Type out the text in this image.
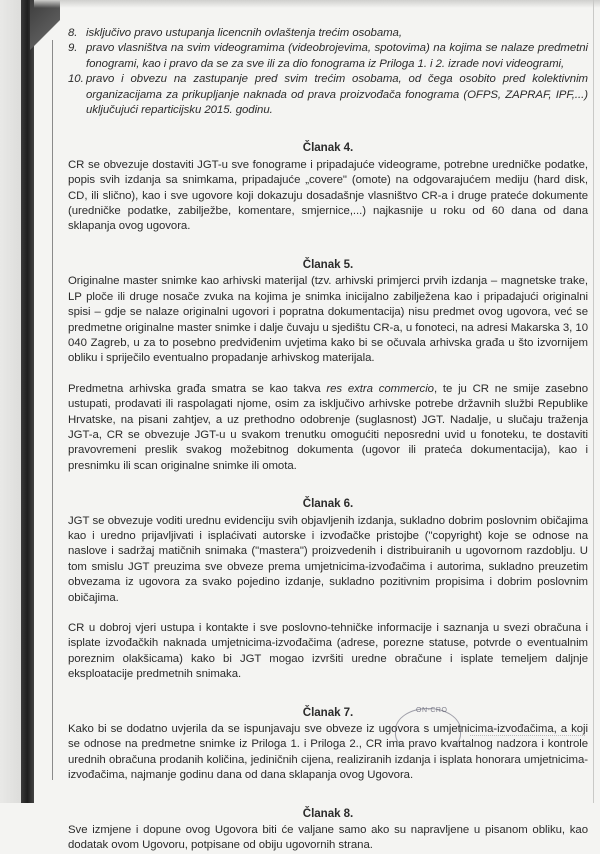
8. isključivo pravo ustupanja licencnih ovlaštenja trećim osobama,
9. pravo vlasništva na svim videogramima (videobrojevima, spotovima) na kojima se nalaze predmetni fonogrami, kao i pravo da se za sve ili za dio fonograma iz Priloga 1. i 2. izrade novi videogrami,
10. pravo i obvezu na zastupanje pred svim trećim osobama, od čega osobito pred kolektivnim organizacijama za prikupljanje naknada od prava proizvođača fonograma (OFPS, ZAPRAF, IPF,...) uključujući reparticijsku 2015. godinu.
Članak 4.

CR se obvezuje dostaviti JGT-u sve fonograme i pripadajuće videograme, potrebne uredničke podatke, popis svih izdanja sa snimkama, pripadajuće „covere" (omote) na odgovarajućem mediju (hard disk, CD, ili slično), kao i sve ugovore koji dokazuju dosadašnje vlasništvo CR-a i druge prateće dokumente (uredničke podatke, zabilježbe, komentare, smjernice,...) najkasnije u roku od 60 dana od dana sklapanja ovog ugovora.

Članak 5.

Originalne master snimke kao arhivski materijal (tzv. arhivski primjerci prvih izdanja – magnetske trake, LP ploče ili druge nosače zvuka na kojima je snimka inicijalno zabilježena kao i pripadajući originalni spisi – gdje se nalaze originalni ugovori i popratna dokumentacija) nisu predmet ovog ugovora, već se predmetne originalne master snimke i dalje čuvaju u sjedištu CR-a, u fonoteci, na adresi Makarska 3, 10 040 Zagreb, u za to posebno predviđenim uvjetima kako bi se očuvala arhivska građa u što izvornijem obliku i spriječilo eventualno propadanje arhivskog materijala.

Predmetna arhivska građa smatra se kao takva res extra commercio, te ju CR ne smije zasebno ustupati, prodavati ili raspolagati njome, osim za isključivo arhivske potrebe državnih službi Republike Hrvatske, na pisani zahtjev, a uz prethodno odobrenje (suglasnost) JGT. Nadalje, u slučaju traženja JGT-a, CR se obvezuje JGT-u u svakom trenutku omogućiti neposredni uvid u fonoteku, te dostaviti pravovremeni preslik svakog možebitnog dokumenta (ugovor ili prateća dokumentacija), kao i presnimku ili scan originalne snimke ili omota.

Članak 6.

JGT se obvezuje voditi urednu evidenciju svih objavljenih izdanja, sukladno dobrim poslovnim običajima kao i uredno prijavljivati i isplaćivati autorske i izvođačke pristojbe ("copyright) koje se odnose na naslove i sadržaj matičnih snimaka ("mastera") proizvedenih i distribuiranih u ugovornom razdoblju. U tom smislu JGT preuzima sve obveze prema umjetnicima-izvođačima i autorima, sukladno preuzetim obvezama iz ugovora za svako pojedino izdanje, sukladno pozitivnim propisima i dobrim poslovnim običajima.

CR u dobroj vjeri ustupa i kontakte i sve poslovno-tehničke informacije i saznanja u svezi obračuna i isplate izvođačkih naknada umjetnicima-izvođačima (adrese, porezne statuse, potvrde o eventualnim poreznim olakšicama) kako bi JGT mogao izvršiti uredne obračune i isplate temeljem daljnje eksploatacije predmetnih snimaka.

Članak 7.

Kako bi se dodatno uvjerila da se ispunjavaju sve obveze iz ugovora s umjetnicima-izvođačima, a koji se odnose na predmetne snimke iz Priloga 1. i Priloga 2., CR ima pravo kvartalnog nadzora i kontrole urednih obračuna prodanih količina, jediničnih cijena, realiziranih izdanja i isplata honorara umjetnicima-izvođačima, najmanje godinu dana od dana sklapanja ovog Ugovora.

Članak 8.

Sve izmjene i dopune ovog Ugovora biti će valjane samo ako su napravljene u pisanom obliku, kao dodatak ovom Ugovoru, potpisane od obiju ugovornih strana.

ON-CRO
